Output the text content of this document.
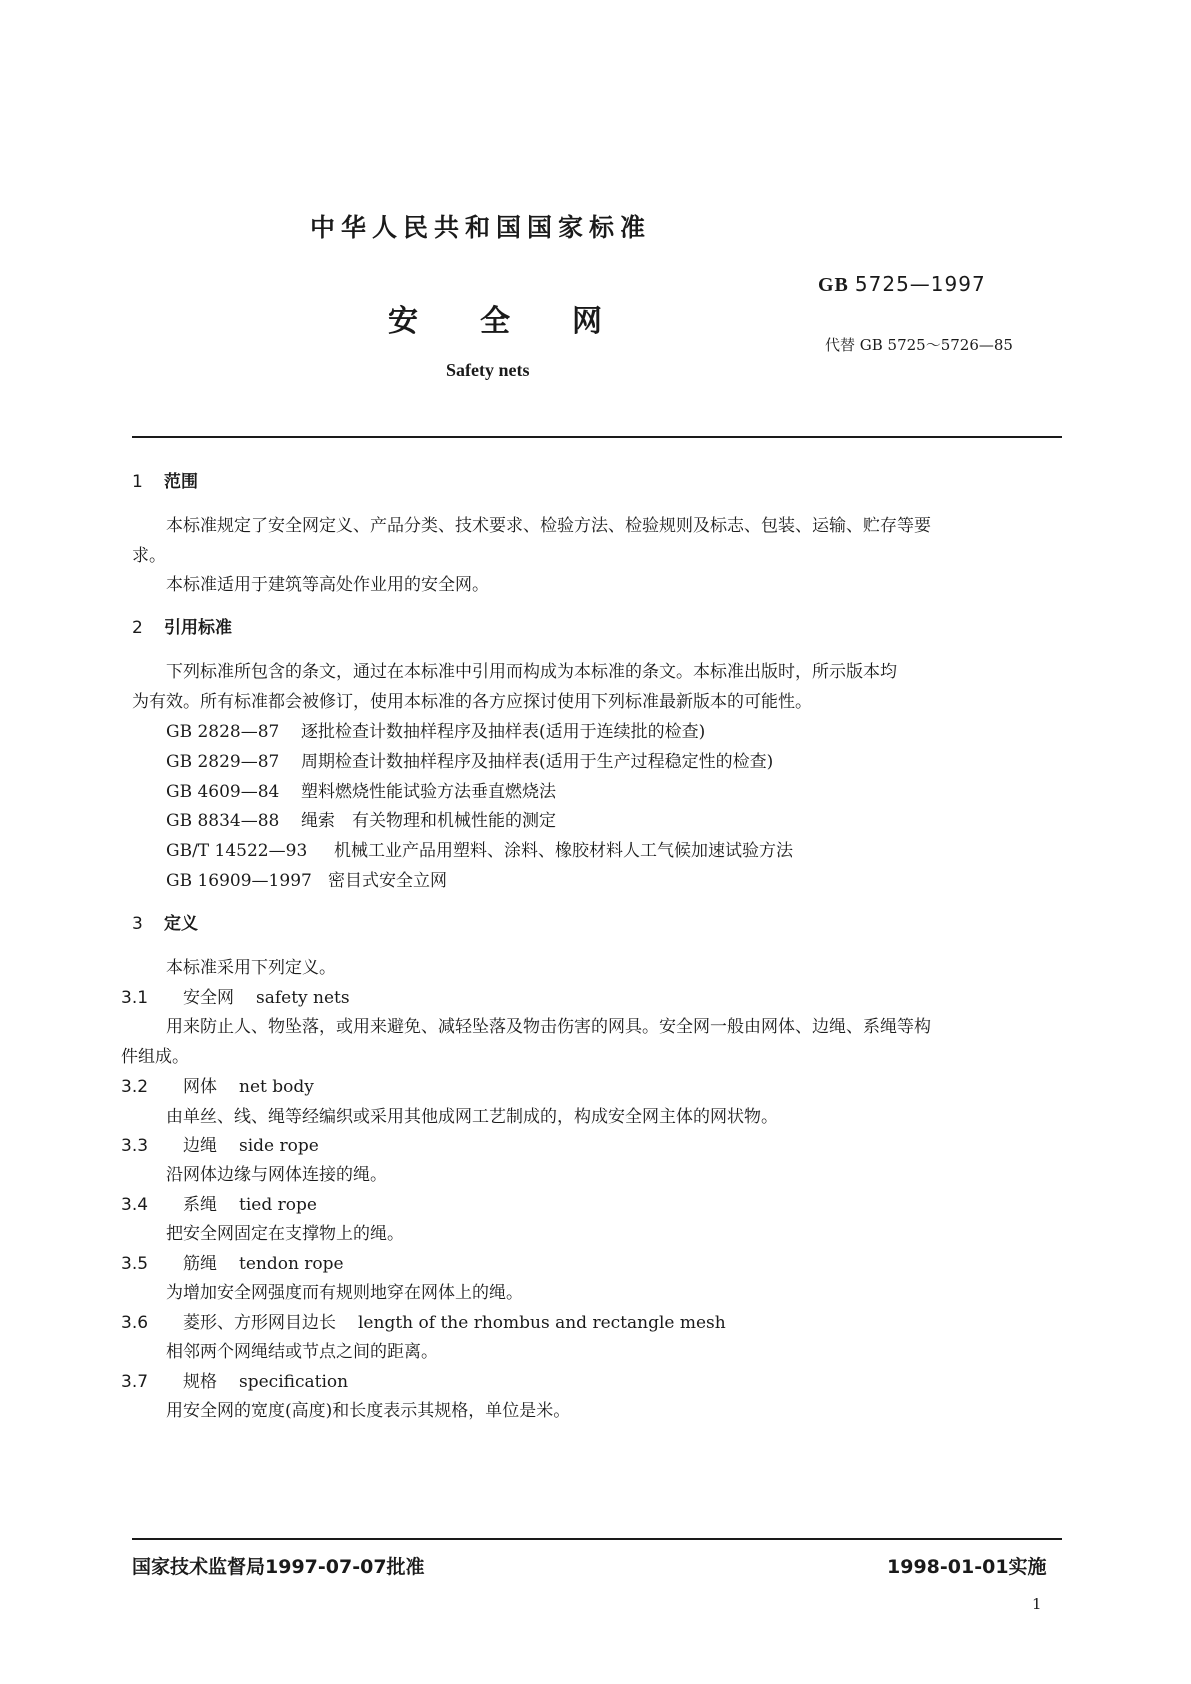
中华人民共和国国家标准
GB 5725—1997
安全网
代替 GB 5725～5726—85
Safety nets
1 范围
本标准规定了安全网定义、产品分类、技术要求、检验方法、检验规则及标志、包装、运输、贮存等要
求。
本标准适用于建筑等高处作业用的安全网。
2 引用标准
下列标准所包含的条文，通过在本标准中引用而构成为本标准的条文。本标准出版时，所示版本均
为有效。所有标准都会被修订，使用本标准的各方应探讨使用下列标准最新版本的可能性。
GB 2828—87 逐批检查计数抽样程序及抽样表(适用于连续批的检查)
GB 2829—87 周期检查计数抽样程序及抽样表(适用于生产过程稳定性的检查)
GB 4609—84 塑料燃烧性能试验方法垂直燃烧法
GB 8834—88 绳索　有关物理和机械性能的测定
GB/T 14522—93 机械工业产品用塑料、涂料、橡胶材料人工气候加速试验方法
GB 16909—1997 密目式安全立网
3 定义
本标准采用下列定义。
3.1 安全网 safety nets
用来防止人、物坠落，或用来避免、减轻坠落及物击伤害的网具。安全网一般由网体、边绳、系绳等构
件组成。
3.2 网体 net body
由单丝、线、绳等经编织或采用其他成网工艺制成的，构成安全网主体的网状物。
3.3 边绳 side rope
沿网体边缘与网体连接的绳。
3.4 系绳 tied rope
把安全网固定在支撑物上的绳。
3.5 筋绳 tendon rope
为增加安全网强度而有规则地穿在网体上的绳。
3.6 菱形、方形网目边长 length of the rhombus and rectangle mesh
相邻两个网绳结或节点之间的距离。
3.7 规格 specification
用安全网的宽度(高度)和长度表示其规格，单位是米。
国家技术监督局1997-07-07批准	1998-01-01实施
1
